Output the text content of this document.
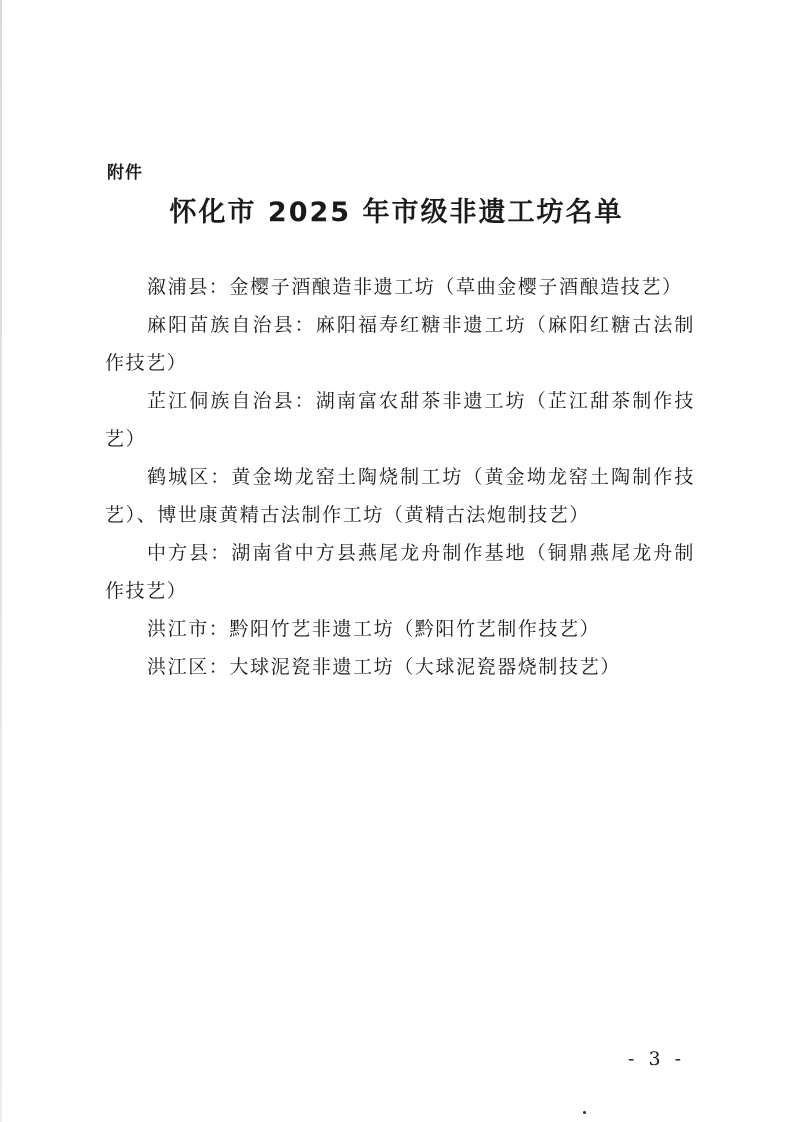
附件
怀化市 2025 年市级非遗工坊名单

溆浦县：金樱子酒酿造非遗工坊（草曲金樱子酒酿造技艺）

麻阳苗族自治县：麻阳福寿红糖非遗工坊（麻阳红糖古法制作技艺）

芷江侗族自治县：湖南富农甜茶非遗工坊（芷江甜茶制作技艺）

鹤城区：黄金坳龙窑土陶烧制工坊（黄金坳龙窑土陶制作技艺）、博世康黄精古法制作工坊（黄精古法炮制技艺）

中方县：湖南省中方县燕尾龙舟制作基地（铜鼎燕尾龙舟制作技艺）

洪江市：黔阳竹艺非遗工坊（黔阳竹艺制作技艺）

洪江区：大球泥瓷非遗工坊（大球泥瓷器烧制技艺）

- 3 -
